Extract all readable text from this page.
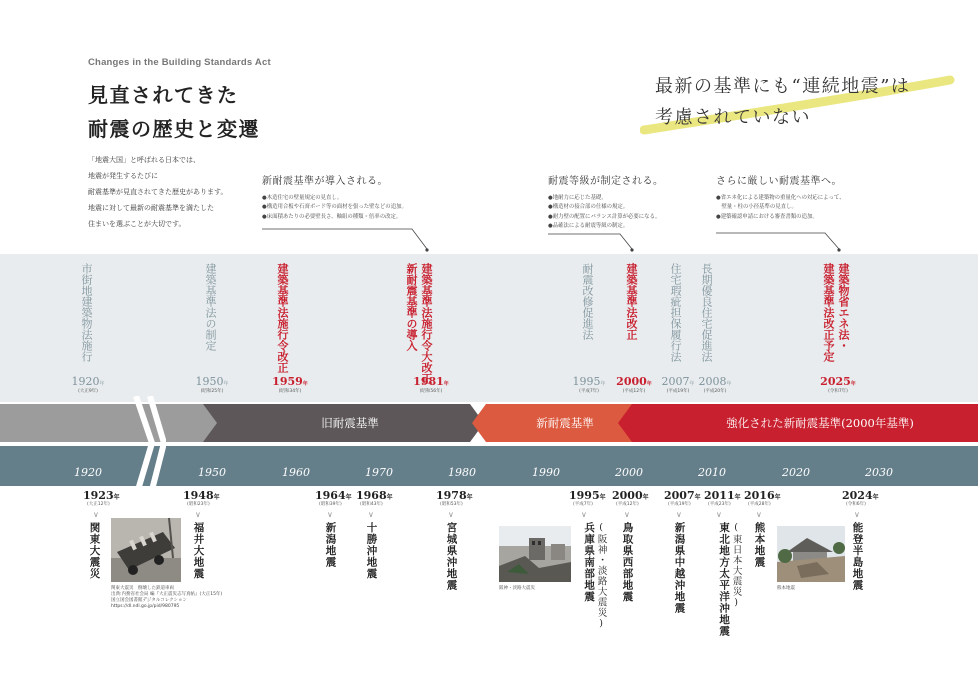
Changes in the Building Standards Act
見直されてきた
耐震の歴史と変遷
「地震大国」と呼ばれる日本では、
地震が発生するたびに
耐震基準が見直されてきた歴史があります。
地震に対して最新の耐震基準を満たした
住まいを選ぶことが大切です。
最新の基準にも“連続地震”は
考慮されていない
新耐震基準が導入される。
●木造住宅の壁量規定の見直し。
●構造用合板や石膏ボード等の面材を張った壁などの追加。
●床面積あたりの必要壁長さ、軸組の種類・倍率の改定。
耐震等級が制定される。
●地耐力に応じた基礎。
●構造材の接合部の仕様の規定。
●耐力壁の配置にバランス計算が必要になる。
●品確法による耐震等級の制定。
さらに厳しい耐震基準へ。
●省エネ化による建築物の重量化への対応によって、
　壁量・柱の小径基準の見直し。
●建築確認申請における審査書類の追加。
市街地建築物法施行	建築基準法の制定	建築基準法施行令改正	建築基準法施行令大改正
新耐震基準の導入	耐震改修促進法	建築基準法改正	住宅瑕疵担保履行法 長期優良住宅促進法	建築物省エネ法・
建築基準法改正予定
1920年
(大正9年)
1950年
(昭和25年)
1959年
(昭和34年)
1981年
(昭和56年)
1995年
(平成7年)
2000年
(平成12年)
2007年
(平成19年)
2008年
(平成20年)
2025年
(令和7年)
旧耐震基準	新耐震基準	強化された新耐震基準(2000年基準)
1920	1950	1960	1970	1980	1990	2000	2010	2020	2030
1923年
(大正12年)
∨
関東大震災
1948年
(昭和23年)
∨
福井大地震
1964年
(昭和39年)
∨
新潟地震
1968年
(昭和43年)
∨
十勝沖地震
1978年
(昭和53年)
∨
宮城県沖地震
1995年
(平成7年)
∨
(阪神・淡路大震災)
兵庫県南部地震
2000年
(平成12年)
∨
鳥取県西部地震
2007年
(平成19年)
∨
新潟県中越沖地震
2011年
(平成23年)
∨
(東日本大震災)
東北地方太平洋沖地震
2016年
(平成28年)
∨
熊本地震
2024年
(令和6年)
∨
能登半島地震
関東大震災　倒壊した鉄道車両
出典:内務省社会局 編『大正震災志写真帖』(大正15年)
国立国会図書館デジタルコレクション
https://dl.ndl.go.jp/pid/980795
阪神・淡路大震災	熊本地震
